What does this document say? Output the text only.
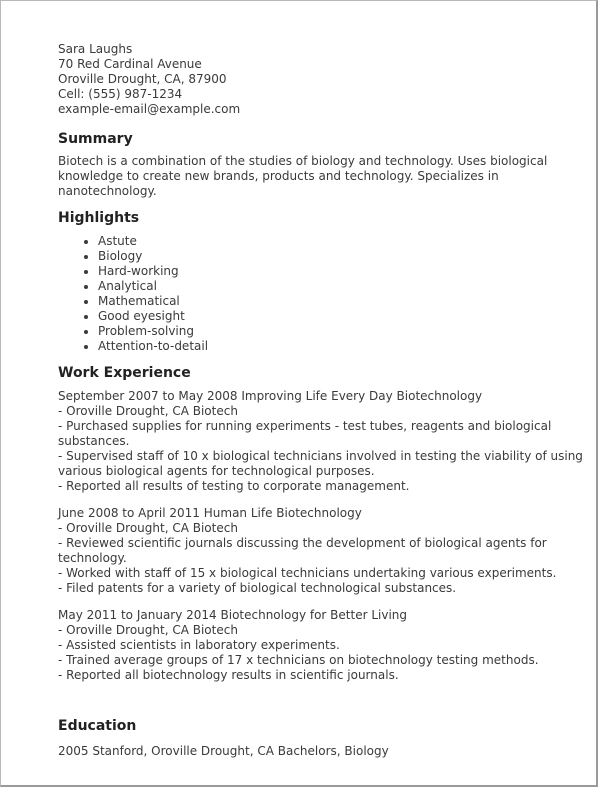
Sara Laughs
70 Red Cardinal Avenue
Oroville Drought, CA, 87900
Cell: (555) 987-1234
example-email@example.com
Summary
Biotech is a combination of the studies of biology and technology. Uses biological knowledge to create new brands, products and technology. Specializes in nanotechnology.
Highlights
• Astute
• Biology
• Hard-working
• Analytical
• Mathematical
• Good eyesight
• Problem-solving
• Attention-to-detail
Work Experience
September 2007 to May 2008 Improving Life Every Day Biotechnology
- Oroville Drought, CA Biotech
- Purchased supplies for running experiments - test tubes, reagents and biological substances.
- Supervised staff of 10 x biological technicians involved in testing the viability of using various biological agents for technological purposes.
- Reported all results of testing to corporate management.
June 2008 to April 2011 Human Life Biotechnology
- Oroville Drought, CA Biotech
- Reviewed scientific journals discussing the development of biological agents for technology.
- Worked with staff of 15 x biological technicians undertaking various experiments.
- Filed patents for a variety of biological technological substances.
May 2011 to January 2014 Biotechnology for Better Living
- Oroville Drought, CA Biotech
- Assisted scientists in laboratory experiments.
- Trained average groups of 17 x technicians on biotechnology testing methods.
- Reported all biotechnology results in scientific journals.
Education
2005 Stanford, Oroville Drought, CA Bachelors, Biology
